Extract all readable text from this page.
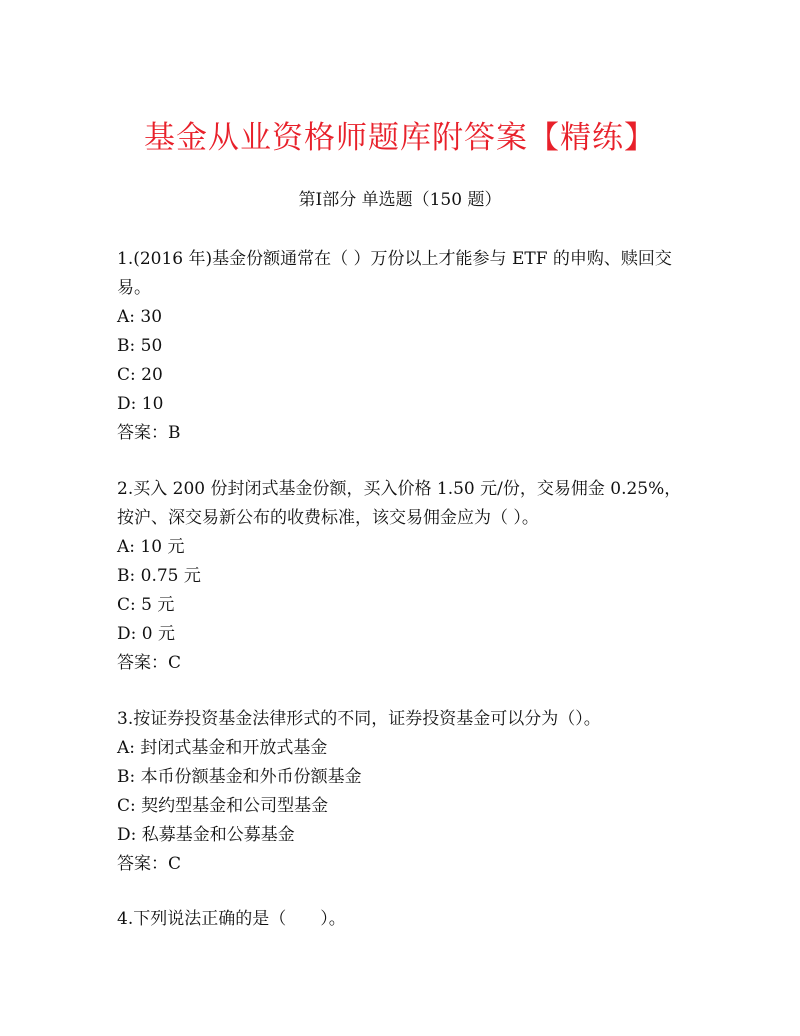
基金从业资格师题库附答案【精练】
第Ⅰ部分 单选题（150 题）
1.(2016 年)基金份额通常在（ ）万份以上才能参与 ETF 的申购、赎回交易。
A: 30
B: 50
C: 20
D: 10
答案：B
2.买入 200 份封闭式基金份额，买入价格 1.50 元/份，交易佣金 0.25%，按沪、深交易新公布的收费标准，该交易佣金应为（ ）。
A: 10 元
B: 0.75 元
C: 5 元
D: 0 元
答案：C
3.按证券投资基金法律形式的不同，证券投资基金可以分为（）。
A: 封闭式基金和开放式基金
B: 本币份额基金和外币份额基金
C: 契约型基金和公司型基金
D: 私募基金和公募基金
答案：C
4.下列说法正确的是（　　）。
